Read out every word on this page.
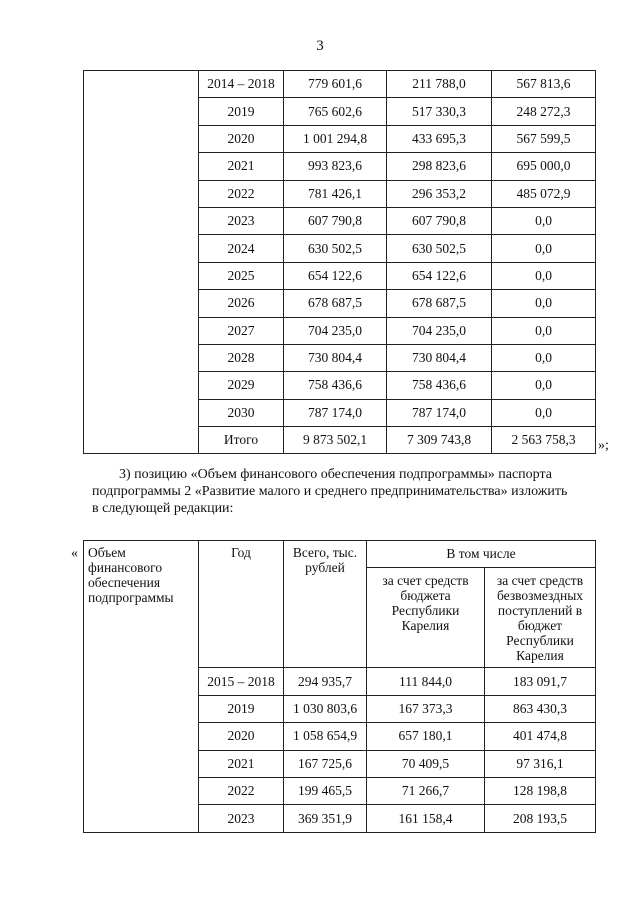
3
	2014 – 2018	779 601,6	211 788,0	567 813,6
	2019	765 602,6	517 330,3	248 272,3
	2020	1 001 294,8	433 695,3	567 599,5
	2021	993 823,6	298 823,6	695 000,0
	2022	781 426,1	296 353,2	485 072,9
	2023	607 790,8	607 790,8	0,0
	2024	630 502,5	630 502,5	0,0
	2025	654 122,6	654 122,6	0,0
	2026	678 687,5	678 687,5	0,0
	2027	704 235,0	704 235,0	0,0
	2028	730 804,4	730 804,4	0,0
	2029	758 436,6	758 436,6	0,0
	2030	787 174,0	787 174,0	0,0
	Итого	9 873 502,1	7 309 743,8	2 563 758,3 »;
3) позицию «Объем финансового обеспечения подпрограммы» паспорта
подпрограммы 2 «Развитие малого и среднего предпринимательства» изложить
в следующей редакции:
« Объем финансового обеспечения подпрограммы	Год	Всего, тыс. рублей	В том числе	
			за счет средств бюджета Республики Карелия	за счет средств безвозмездных поступлений в бюджет Республики Карелия
	2015 – 2018	294 935,7	111 844,0	183 091,7
	2019	1 030 803,6	167 373,3	863 430,3
	2020	1 058 654,9	657 180,1	401 474,8
	2021	167 725,6	70 409,5	97 316,1
	2022	199 465,5	71 266,7	128 198,8
	2023	369 351,9	161 158,4	208 193,5
